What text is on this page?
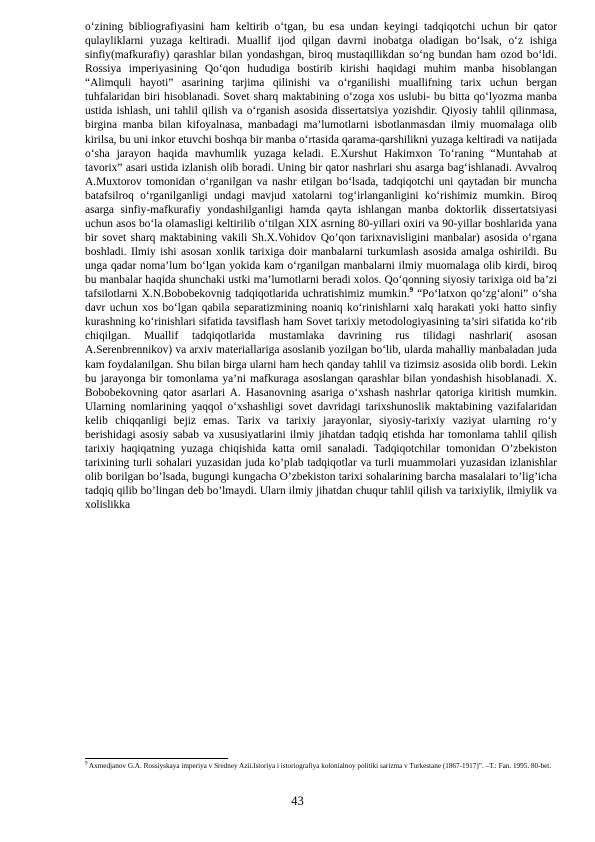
o‘zining bibliografiyasini ham keltirib o‘tgan, bu esa undan keyingi tadqiqotchi uchun bir qator qulayliklarni yuzaga keltiradi. Muallif ijod qilgan davrni inobatga oladigan bo‘lsak, o‘z ishiga sinfiy(mafkurafiy) qarashlar bilan yondashgan, biroq mustaqillikdan so‘ng bundan ham ozod bo‘ldi. Rossiya imperiyasining Qo‘qon hududiga bostirib kirishi haqidagi muhim manba hisoblangan “Alimquli hayoti” asarining tarjima qilinishi va o‘rganilishi muallifning tarix uchun bergan tuhfalaridan biri hisoblanadi. Sovet sharq maktabining o‘zoga xos uslubi- bu bitta qo‘lyozma manba ustida ishlash, uni tahlil qilish va o‘rganish asosida dissertatsiya yozishdir. Qiyosiy tahlil qilinmasa, birgina manba bilan kifoyalnasa, manbadagi ma’lumotlarni isbotlanmasdan ilmiy muomalaga olib kirilsa, bu uni inkor etuvchi boshqa bir manba o‘rtasida qarama-qarshilikni yuzaga keltiradi va natijada o‘sha jarayon haqida mavhumlik yuzaga keladi. E.Xurshut Hakimxon To‘raning “Muntahab at tavorix” asari ustida izlanish olib boradi. Uning bir qator nashrlari shu asarga bag‘ishlanadi. Avvalroq A.Muxtorov tomonidan o‘rganilgan va nashr etilgan bo‘lsada, tadqiqotchi uni qaytadan bir muncha batafsilroq o‘rganilganligi undagi mavjud xatolarni tog‘irlanganligini ko‘rishimiz mumkin. Biroq asarga sinfiy-mafkurafiy yondashilganligi hamda qayta ishlangan manba doktorlik dissertatsiyasi uchun asos bo‘la olamasligi keltirilib o‘tilgan XIX asrning 80-yillari oxiri va 90-yillar boshlarida yana bir sovet sharq maktabining vakili Sh.X.Vohidov Qo’qon tarixnavisligini manbalar) asosida o‘rgana boshladi. Ilmiy ishi asosan xonlik tarixiga doir manbalarni turkumlash asosida amalga oshirildi. Bu unga qadar noma’lum bo‘lgan yokida kam o‘rganilgan manbalarni ilmiy muomalaga olib kirdi, biroq bu manbalar haqida shunchaki ustki ma’lumotlarni beradi xolos. Qo‘qonning siyosiy tarixiga oid ba’zi tafsilotlarni X.N.Bobobekovnig tadqiqotlarida uchratishimiz mumkin.$^9$ “Po‘latxon qo‘zg‘aloni” o‘sha davr uchun xos bo‘lgan qabila separatizmining noaniq ko‘rinishlarni xalq harakati yoki hatto sinfiy kurashning ko‘rinishlari sifatida tavsiflash ham Sovet tarixiy metodologiyasining ta’siri sifatida ko‘rib chiqilgan. Muallif tadqiqotlarida mustamlaka davrining rus tilidagi nashrlari( asosan A.Serenbrennikov) va arxiv materiallariga asoslanib yozilgan bo‘lib, ularda mahalliy manbaladan juda kam foydalanilgan. Shu bilan birga ularni ham hech qanday tahlil va tizimsiz asosida olib bordi. Lekin bu jarayonga bir tomonlama ya’ni mafkuraga asoslangan qarashlar bilan yondashish hisoblanadi. X. Bobobekovning qator asarlari A. Hasanovning asariga o‘xshash nashrlar qatoriga kiritish mumkin. Ularning nomlarining yaqqol o‘xshashligi sovet davridagi tarixshunoslik maktabining vazifalaridan kelib chiqqanligi bejiz emas. Tarix va tarixiy jarayonlar, siyosiy-tarixiy vaziyat ularning ro‘y berishidagi asosiy sabab va xususiyatlarini ilmiy jihatdan tadqiq etishda har tomonlama tahlil qilish tarixiy haqiqatning yuzaga chiqishida katta omil sanaladi. Tadqiqotchilar tomonidan O’zbekiston tarixining turli sohalari yuzasidan juda ko’plab tadqiqotlar va turli muammolari yuzasidan izlanishlar olib borilgan bo’lsada, bugungi kungacha O’zbekiston tarixi sohalarining barcha masalalari to’lig’icha tadqiq qilib bo’lingan deb bo’lmaydi. Ularn ilmiy jihatdan chuqur tahlil qilish va tarixiylik, ilmiylik va xolislikka

$^9$ Axmedjanov G.A. Rossiyskaya imperiya v Sredney Azii.Istoriya i istoriografiya kolonialnoy politiki sarizma v Turkestane (1867-1917)”. –T.: Fan. 1995. 80-bet.

43
